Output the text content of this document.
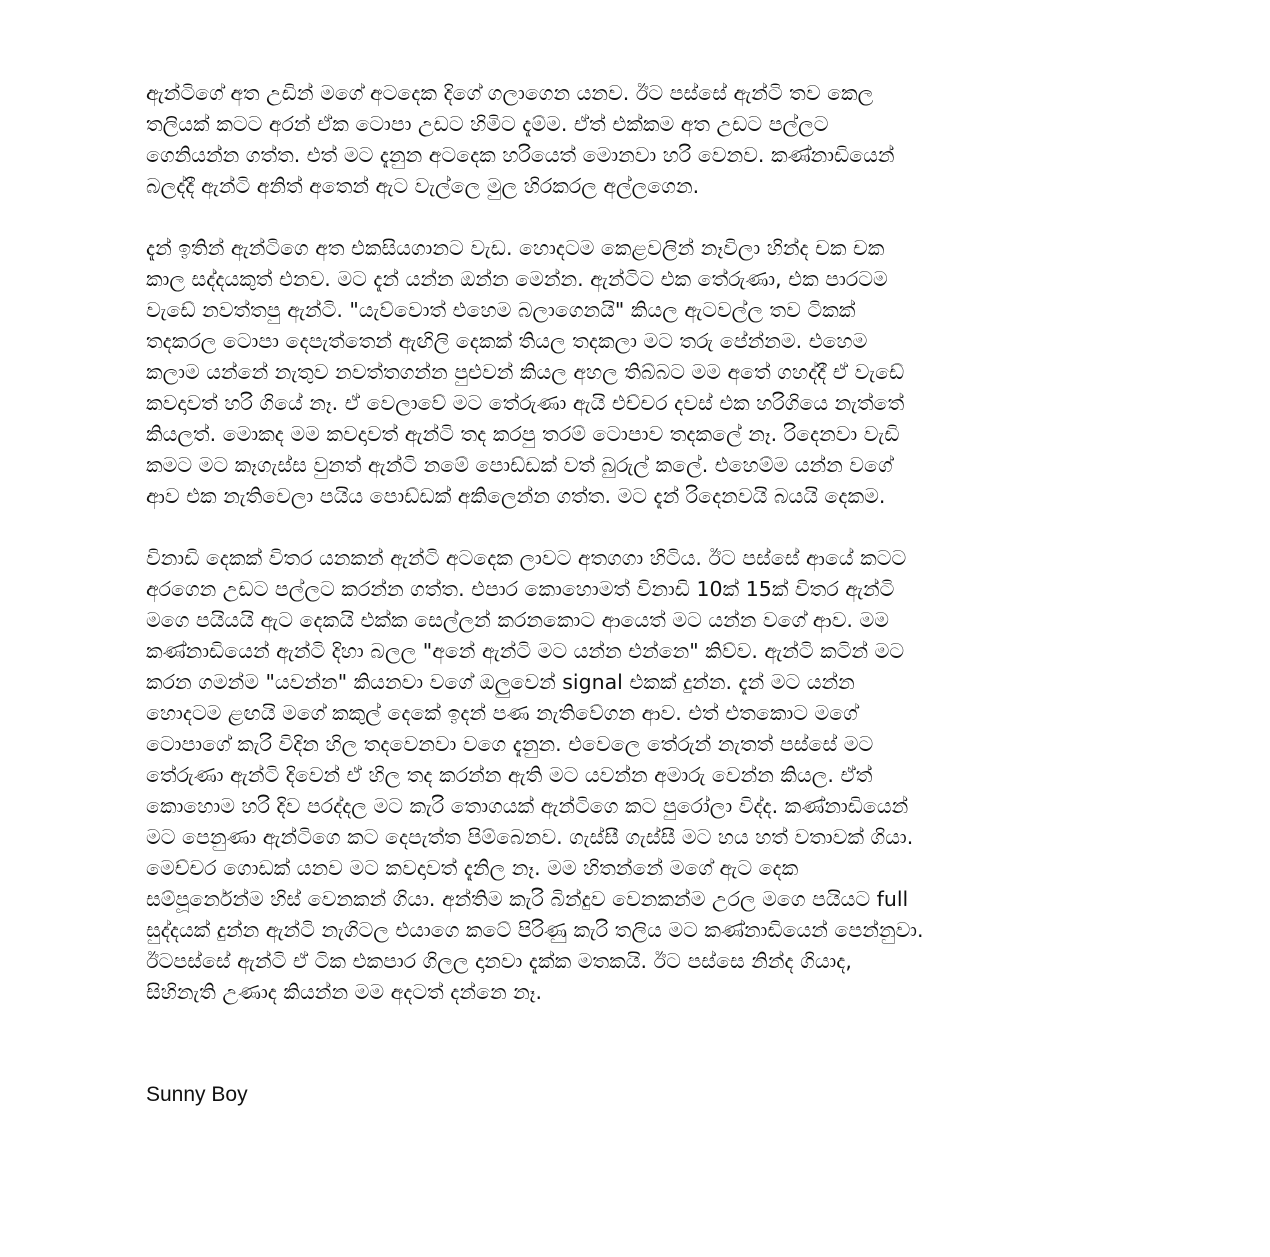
ඇන්ටිගේ අත උඩින් මගේ අටදෙක දිගේ ගලාගෙන යනව. ඊට පස්සේ ඇන්ටි තව කෙල
තලියක් කටට අරන් ඒක ටොපා උඩට හිමිට දැම්ම. ඒත් එක්කම අත උඩට පල්ලට
ගෙනියන්න ගත්ත. එත් මට දැනුන අටදෙක හරියෙත් මොනවා හරි වෙනව. කණ්නාඩියෙන්
බලද්දී ඇන්ටි අනිත් අතෙන් ඇට වැල්ලෙ මුල හිරකරල අල්ලගෙන.

දැන් ඉතින් ඇන්ටිගෙ අත එකසියගානට වැඩ. හොදටම කෙළවලින් නෑවිලා හින්ද චක චක
කාල සද්දයකුත් එනව. මට දැන් යන්න ඔන්න මෙන්න. ඇන්ටිට එක තේරුණා, එක පාරටම
වැඩේ නවත්තපු ඇන්ටි. "යැව්වොත් එහෙම බලාගෙනයි" කියල ඇටවල්ල තව ටිකක්
තදකරල ටොපා දෙපැත්තෙන් ඇඟිලි දෙකක් තියල තදකලා මට තරු පේන්නම. එහෙම
කලාම යන්නේ නැතුව නවත්තගන්න පුළුවන් කියල අහල තිබ්බට මම අතේ ගහද්දී ඒ වැඩේ
කවදාවත් හරි ගියේ නෑ. ඒ වෙලාවේ මට තේරුණා ඇයි එච්චර දවස් එක හරිගියෙ නැත්තේ
කියලත්. මොකද මම කවදාවත් ඇන්ටි තද කරපු තරම් ටොපාව තදකලේ නෑ. රිදෙනවා වැඩි
කමට මට කෑගැස්ස වුනත් ඇන්ටි නමේ පොඩ්ඩක් වත් බුරුල් කලේ. එහෙම්ම යන්න වගේ
ආව එක නැතිවෙලා පයිය පොඩ්ඩක් අකිලෙන්න ගත්ත. මට දැන් රිදෙනවයි බයයි දෙකම.

විනාඩි දෙකක් විතර යනකන් ඇන්ටි අටදෙක ලාවට අතගගා හිටිය. ඊට පස්සේ ආයේ කටට
අරගෙන උඩට පල්ලට කරන්න ගත්ත. එපාර කොහොමත් විනාඩි 10ක් 15ක් විතර ඇන්ටි
මගෙ පයියයි ඇට දෙකයි එක්ක සෙල්ලන් කරනකොට ආයෙත් මට යන්න වගේ ආව. මම
කණ්නාඩියෙන් ඇන්ටි දිහා බලල "අනේ ඇන්ටි මට යන්න එන්නෙ" කිව්ව. ඇන්ටි කටින් මට
කරන ගමන්ම "යවන්න" කියනවා වගේ ඔලුවෙන් signal එකක් දුන්න. දැන් මට යන්න
හොදටම ළඟයි මගේ කකුල් දෙකේ ඉදන් පණ නැතිවේගන ආව. එත් එතකොට මගේ
ටොපාගේ කැරි විදින හිල තදවෙනවා වගෙ දැනුන. එවෙලෙ තේරුන් නැතත් පස්සේ මට
තේරුණා ඇන්ටි දිවෙන් ඒ හිල තද කරන්න ඇති මට යවන්න අමාරු වෙන්න කියල. ඒත්
කොහොම හරි දිව පරද්දල මට කැරි තොගයක් ඇන්ටිගෙ කට පුරෝලා විද්ද. කණ්නාඩියෙන්
මට පෙනුණා ඇන්ටිගෙ කට දෙපැත්ත පිම්බෙනව. ගැස්සී ගැස්සී මට හය හත් වතාවක් ගියා.
මෙච්චර ගොඩක් යනව මට කවදාවත් දැනිල නෑ. මම හිතන්නේ මගේ ඇට දෙක
සම්පූර්නෙන්ම හිස් වෙනකන් ගියා. අන්තිම කැරි බින්දුව වෙනකන්ම උරල මගෙ පයියට full
සුද්දයක් දුන්න ඇන්ටි නැගිටල එයාගෙ කටේ පිරිණු කැරි තලිය මට කණ්නාඩියෙන් පෙන්නුවා.
ඊටපස්සේ ඇන්ටි ඒ ටික එකපාර ගිලල දානවා දැක්ක මතකයි. ඊට පස්සෙ නින්ද ගියාද,
සිහිනැති උණාද කියන්න මම අදටත් දන්නෙ නෑ.

Sunny Boy
